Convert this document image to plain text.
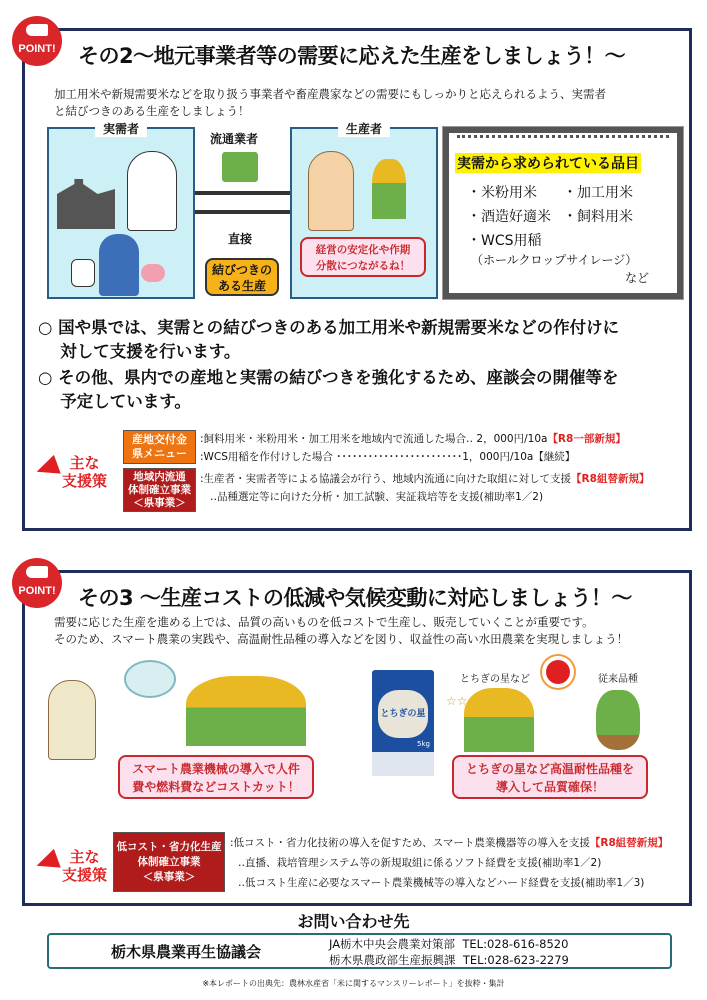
POINT!	その2～地元事業者等の需要に応えた生産をしましょう！～
加工用米や新規需要米などを取り扱う事業者や畜産農家などの需要にもしっかりと応えられるよう、実需者
と結びつきのある生産をしましょう！
実需者
流通業者
直接
結びつきの
ある生産
生産者
経営の安定化や作期
分散につながるね！
実需から求められている品目
・米粉用米	・加工用米
・酒造好適米 ・飼料用米
・WCS用稲
（ホールクロップサイレージ）
など
○ 国や県では、実需との結びつきのある加工用米や新規需要米などの作付けに
　 対して支援を行います。
○ その他、県内での産地と実需の結びつきを強化するため、座談会の開催等を
　 予定しています。
主な
支援策
産地交付金
県メニュー
:飼料用米・米粉用米・加工用米を地域内で流通した場合‥ 2，000円/10a【R8一部新規】
:WCS用稲を作付けした場合 ････････････････････････1，000円/10a【継続】
地域内流通
体制確立事業
＜県事業＞
:生産者・実需者等による協議会が行う、地域内流通に向けた取組に対して支援【R8組替新規】
‥品種選定等に向けた分析・加工試験、実証栽培等を支援(補助率1／2)
POINT!	その3 ～生産コストの低減や気候変動に対応しましょう！～
需要に応じた生産を進める上では、品質の高いものを低コストで生産し、販売していくことが重要です。
そのため、スマート農業の実践や、高温耐性品種の導入などを図り、収益性の高い水田農業を実現しましょう！
スマート農業機械の導入で人件
費や燃料費などコストカット！
とちぎの星
5kg
とちぎの星など	従来品種
☆☆
とちぎの星など高温耐性品種を
導入して品質確保！
主な
支援策
低コスト・省力化生産
体制確立事業
＜県事業＞
:低コスト・省力化技術の導入を促すため、スマート農業機器等の導入を支援【R8組替新規】
‥直播、栽培管理システム等の新規取組に係るソフト経費を支援(補助率1／2)
‥低コスト生産に必要なスマート農業機械等の導入などハード経費を支援(補助率1／3)
お問い合わせ先
栃木県農業再生協議会	JA栃木中央会農業対策部 TEL:028-616-8520
栃木県農政部生産振興課 TEL:028-623-2279
※本レポートの出典先：農林水産省「米に関するマンスリーレポート」を抜粋・集計
